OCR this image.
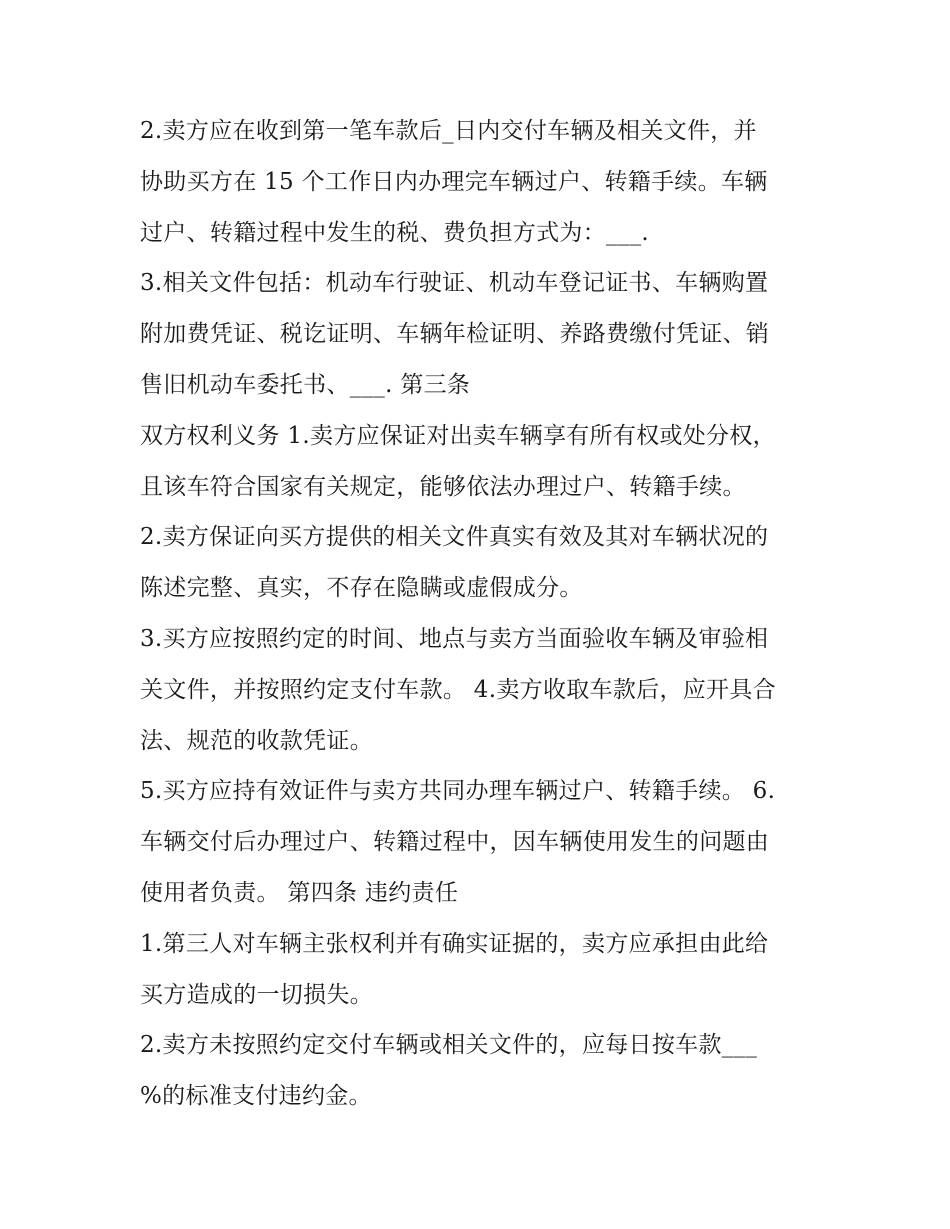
2.卖方应在收到第一笔车款后_日内交付车辆及相关文件，并
协助买方在 15 个工作日内办理完车辆过户、转籍手续。车辆
过户、转籍过程中发生的税、费负担方式为：___.
3.相关文件包括：机动车行驶证、机动车登记证书、车辆购置
附加费凭证、税讫证明、车辆年检证明、养路费缴付凭证、销
售旧机动车委托书、___. 第三条
双方权利义务 1.卖方应保证对出卖车辆享有所有权或处分权，
且该车符合国家有关规定，能够依法办理过户、转籍手续。
2.卖方保证向买方提供的相关文件真实有效及其对车辆状况的
陈述完整、真实，不存在隐瞒或虚假成分。
3.买方应按照约定的时间、地点与卖方当面验收车辆及审验相
关文件，并按照约定支付车款。 4.卖方收取车款后，应开具合
法、规范的收款凭证。
5.买方应持有效证件与卖方共同办理车辆过户、转籍手续。 6.
车辆交付后办理过户、转籍过程中，因车辆使用发生的问题由
使用者负责。 第四条 违约责任
1.第三人对车辆主张权利并有确实证据的，卖方应承担由此给
买方造成的一切损失。
2.卖方未按照约定交付车辆或相关文件的，应每日按车款___
%的标准支付违约金。
